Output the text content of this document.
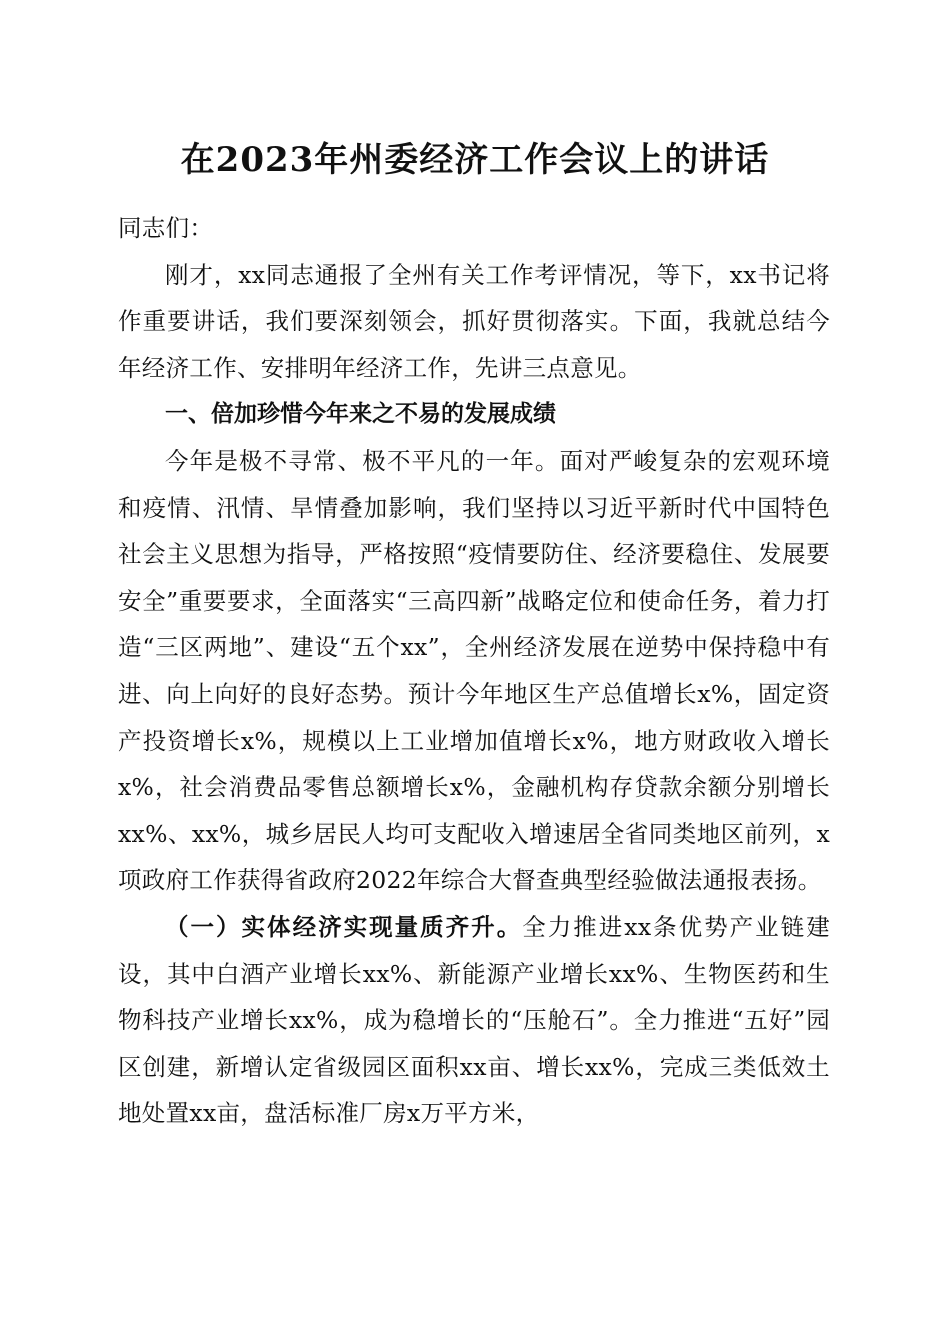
在2023年州委经济工作会议上的讲话

同志们：

刚才，xx同志通报了全州有关工作考评情况，等下，xx书记将作重要讲话，我们要深刻领会，抓好贯彻落实。下面，我就总结今年经济工作、安排明年经济工作，先讲三点意见。

一、倍加珍惜今年来之不易的发展成绩

今年是极不寻常、极不平凡的一年。面对严峻复杂的宏观环境和疫情、汛情、旱情叠加影响，我们坚持以习近平新时代中国特色社会主义思想为指导，严格按照“疫情要防住、经济要稳住、发展要安全”重要要求，全面落实“三高四新”战略定位和使命任务，着力打造“三区两地”、建设“五个xx”，全州经济发展在逆势中保持稳中有进、向上向好的良好态势。预计今年地区生产总值增长x%，固定资产投资增长x%，规模以上工业增加值增长x%，地方财政收入增长x%，社会消费品零售总额增长x%，金融机构存贷款余额分别增长xx%、xx%，城乡居民人均可支配收入增速居全省同类地区前列，x项政府工作获得省政府2022年综合大督查典型经验做法通报表扬。

（一）实体经济实现量质齐升。全力推进xx条优势产业链建设，其中白酒产业增长xx%、新能源产业增长xx%、生物医药和生物科技产业增长xx%，成为稳增长的“压舱石”。全力推进“五好”园区创建，新增认定省级园区面积xx亩、增长xx%，完成三类低效土地处置xx亩，盘活标准厂房x万平方米，
